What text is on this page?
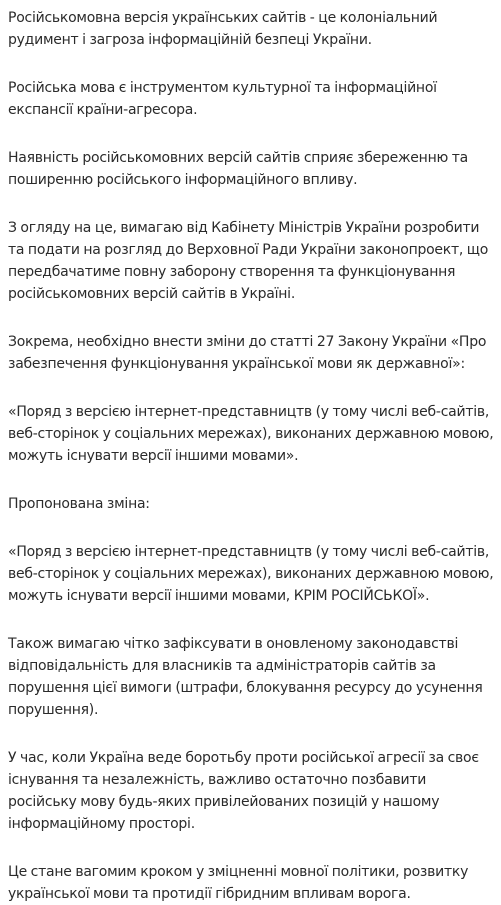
Російськомовна версія українських сайтів - це колоніальний рудимент і загроза інформаційній безпеці України.

Російська мова є інструментом культурної та інформаційної експансії країни-агресора.

Наявність російськомовних версій сайтів сприяє збереженню та поширенню російського інформаційного впливу.

З огляду на це, вимагаю від Кабінету Міністрів України розробити та подати на розгляд до Верховної Ради України законопроект, що передбачатиме повну заборону створення та функціонування російськомовних версій сайтів в Україні.

Зокрема, необхідно внести зміни до статті 27 Закону України «Про забезпечення функціонування української мови як державної»:

«Поряд з версією інтернет-представництв (у тому числі веб-сайтів, веб-сторінок у соціальних мережах), виконаних державною мовою, можуть існувати версії іншими мовами».

Пропонована зміна:

«Поряд з версією інтернет-представництв (у тому числі веб-сайтів, веб-сторінок у соціальних мережах), виконаних державною мовою, можуть існувати версії іншими мовами, КРІМ РОСІЙСЬКОЇ».

Також вимагаю чітко зафіксувати в оновленому законодавстві відповідальність для власників та адміністраторів сайтів за порушення цієї вимоги (штрафи, блокування ресурсу до усунення порушення).

У час, коли Україна веде боротьбу проти російської агресії за своє існування та незалежність, важливо остаточно позбавити російську мову будь-яких привілейованих позицій у нашому інформаційному просторі.

Це стане вагомим кроком у зміцненні мовної політики, розвитку української мови та протидії гібридним впливам ворога.
